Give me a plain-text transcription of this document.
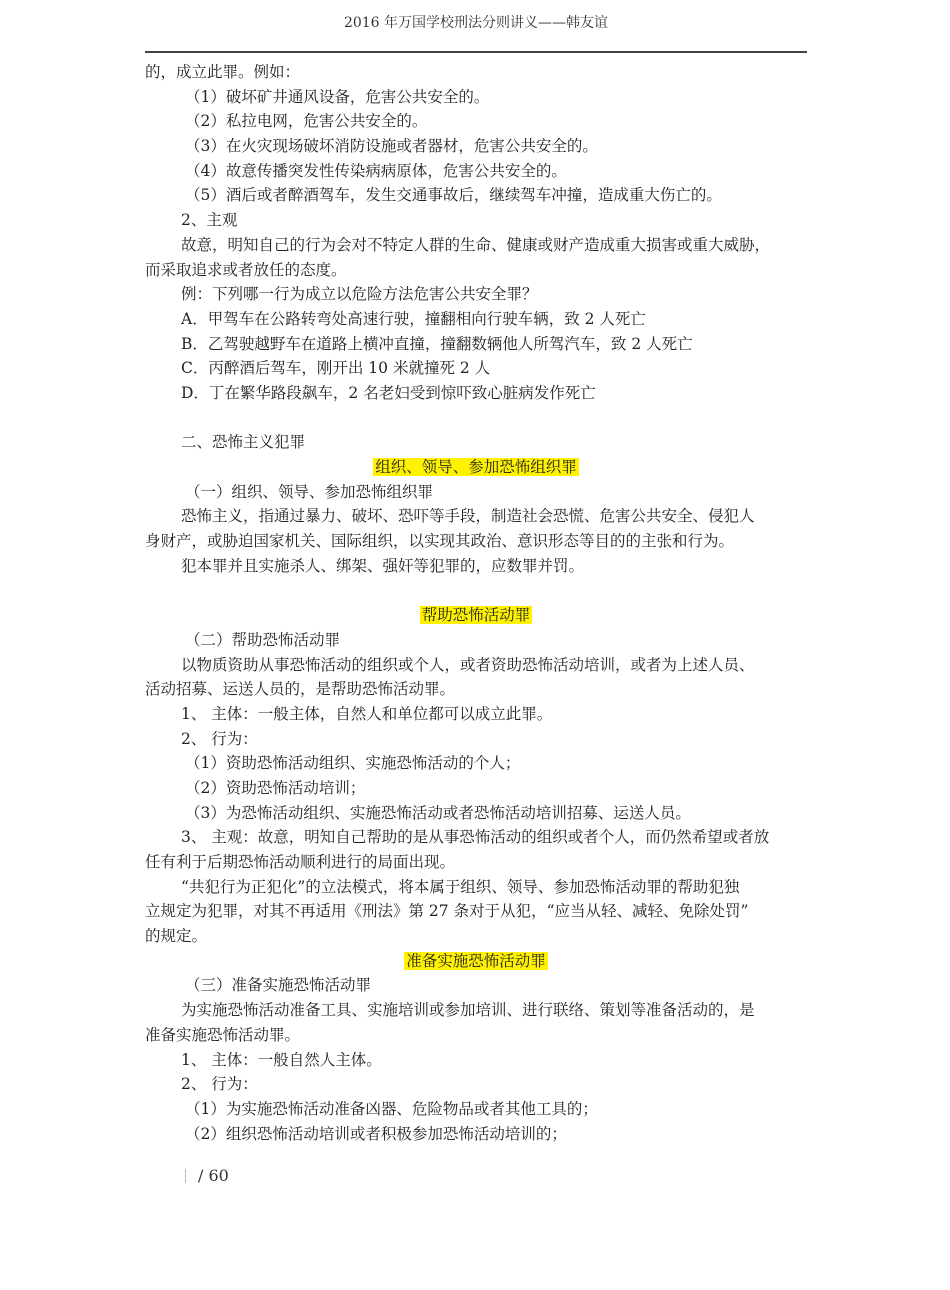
2016 年万国学校刑法分则讲义——韩友谊
的，成立此罪。例如：
（1）破坏矿井通风设备，危害公共安全的。
（2）私拉电网，危害公共安全的。
（3）在火灾现场破坏消防设施或者器材，危害公共安全的。
（4）故意传播突发性传染病病原体，危害公共安全的。
（5）酒后或者醉酒驾车，发生交通事故后，继续驾车冲撞，造成重大伤亡的。
2、主观
故意，明知自己的行为会对不特定人群的生命、健康或财产造成重大损害或重大威胁，
而采取追求或者放任的态度。
例：下列哪一行为成立以危险方法危害公共安全罪？
A．甲驾车在公路转弯处高速行驶，撞翻相向行驶车辆，致 2 人死亡
B．乙驾驶越野车在道路上横冲直撞，撞翻数辆他人所驾汽车，致 2 人死亡
C．丙醉酒后驾车，刚开出 10 米就撞死 2 人
D．丁在繁华路段飙车，2 名老妇受到惊吓致心脏病发作死亡
二、恐怖主义犯罪
组织、领导、参加恐怖组织罪
（一）组织、领导、参加恐怖组织罪
恐怖主义，指通过暴力、破坏、恐吓等手段，制造社会恐慌、危害公共安全、侵犯人
身财产，或胁迫国家机关、国际组织，以实现其政治、意识形态等目的的主张和行为。
犯本罪并且实施杀人、绑架、强奸等犯罪的，应数罪并罚。
帮助恐怖活动罪
（二）帮助恐怖活动罪
以物质资助从事恐怖活动的组织或个人，或者资助恐怖活动培训，或者为上述人员、
活动招募、运送人员的，是帮助恐怖活动罪。
1、 主体：一般主体，自然人和单位都可以成立此罪。
2、 行为：
（1）资助恐怖活动组织、实施恐怖活动的个人；
（2）资助恐怖活动培训；
（3）为恐怖活动组织、实施恐怖活动或者恐怖活动培训招募、运送人员。
3、 主观：故意，明知自己帮助的是从事恐怖活动的组织或者个人，而仍然希望或者放
任有利于后期恐怖活动顺利进行的局面出现。
“共犯行为正犯化”的立法模式，将本属于组织、领导、参加恐怖活动罪的帮助犯独
立规定为犯罪，对其不再适用《刑法》第 27 条对于从犯，“应当从轻、减轻、免除处罚”
的规定。
准备实施恐怖活动罪
（三）准备实施恐怖活动罪
为实施恐怖活动准备工具、实施培训或参加培训、进行联络、策划等准备活动的，是
准备实施恐怖活动罪。
1、 主体：一般自然人主体。
2、 行为：
（1）为实施恐怖活动准备凶器、危险物品或者其他工具的；
（2）组织恐怖活动培训或者积极参加恐怖活动培训的；
/ 60
